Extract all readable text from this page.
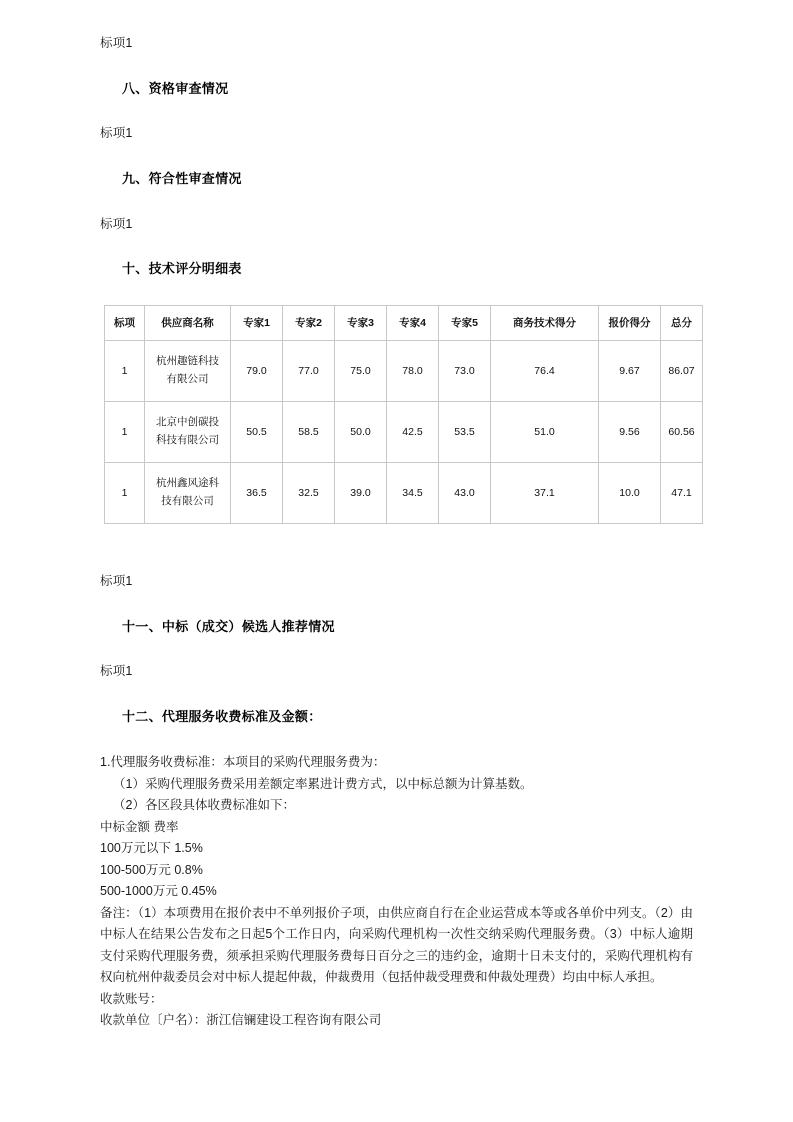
标项1

八、资格审查情况

标项1

九、符合性审查情况

标项1

十、技术评分明细表

标项	供应商名称	专家1	专家2	专家3	专家4	专家5	商务技术得分	报价得分	总分
1	杭州趣链科技有限公司	79.0	77.0	75.0	78.0	73.0	76.4	9.67	86.07
1	北京中创碳投科技有限公司	50.5	58.5	50.0	42.5	53.5	51.0	9.56	60.56
1	杭州鑫风途科技有限公司	36.5	32.5	39.0	34.5	43.0	37.1	10.0	47.1

标项1

十一、中标（成交）候选人推荐情况

标项1

十二、代理服务收费标准及金额：

1.代理服务收费标准：本项目的采购代理服务费为：

（1）采购代理服务费采用差额定率累进计费方式，以中标总额为计算基数。

（2）各区段具体收费标准如下：

中标金额 费率

100万元以下 1.5%

100-500万元 0.8%

500-1000万元 0.45%

备注：（1）本项费用在报价表中不单列报价子项，由供应商自行在企业运营成本等或各单价中列支。（2）由中标人在结果公告发布之日起5个工作日内，向采购代理机构一次性交纳采购代理服务费。（3）中标人逾期支付采购代理服务费，须承担采购代理服务费每日百分之三的违约金，逾期十日未支付的，采购代理机构有权向杭州仲裁委员会对中标人提起仲裁，仲裁费用（包括仲裁受理费和仲裁处理费）均由中标人承担。

收款账号：

收款单位〔户名）：浙江信镧建设工程咨询有限公司
